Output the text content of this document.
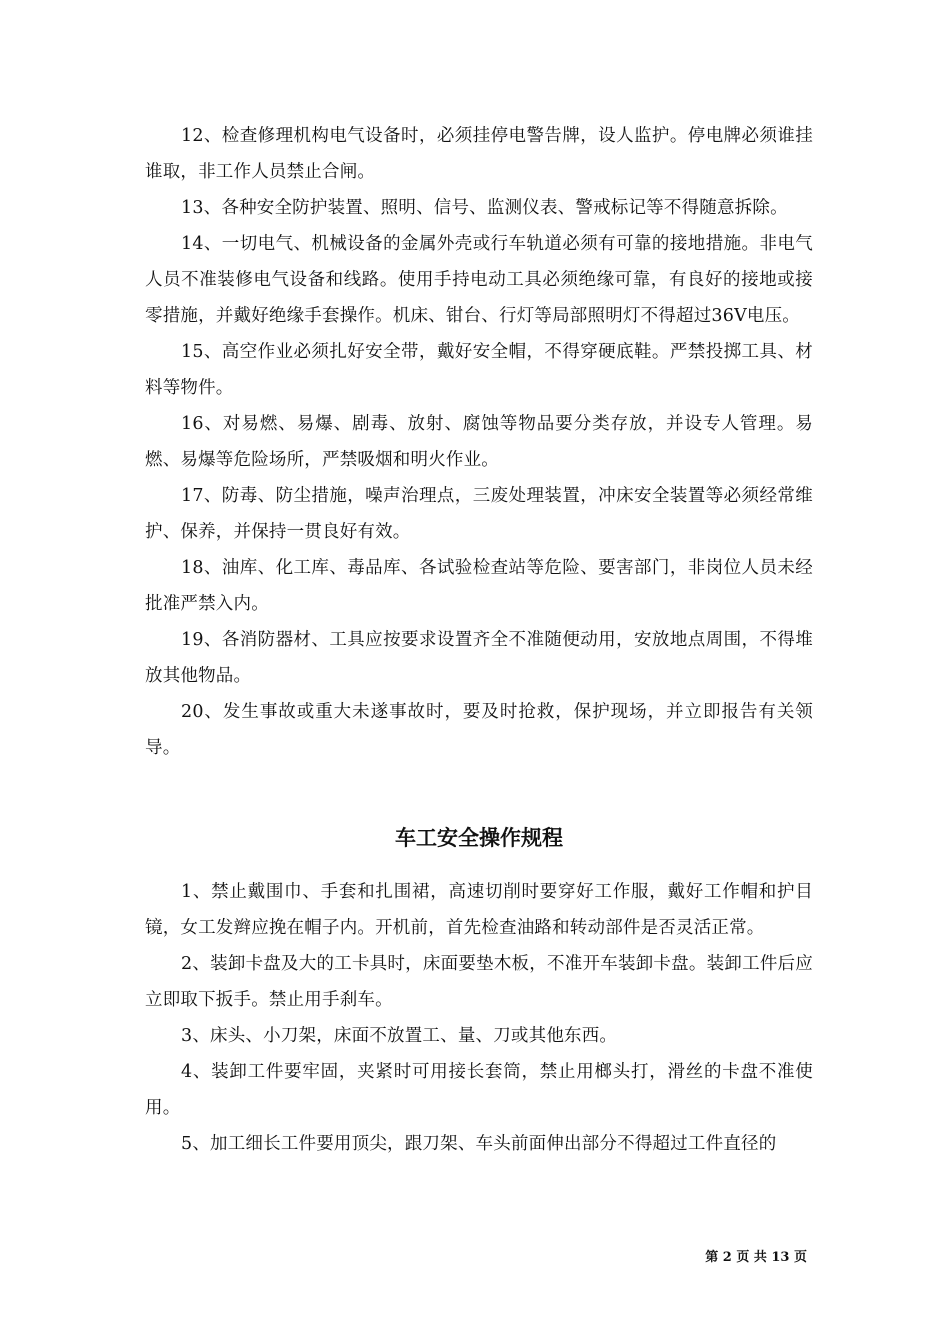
12、检查修理机构电气设备时，必须挂停电警告牌，设人监护。停电牌必须谁挂谁取，非工作人员禁止合闸。

13、各种安全防护装置、照明、信号、监测仪表、警戒标记等不得随意拆除。

14、一切电气、机械设备的金属外壳或行车轨道必须有可靠的接地措施。非电气人员不准装修电气设备和线路。使用手持电动工具必须绝缘可靠，有良好的接地或接零措施，并戴好绝缘手套操作。机床、钳台、行灯等局部照明灯不得超过36V电压。

15、高空作业必须扎好安全带，戴好安全帽，不得穿硬底鞋。严禁投掷工具、材料等物件。

16、对易燃、易爆、剧毒、放射、腐蚀等物品要分类存放，并设专人管理。易燃、易爆等危险场所，严禁吸烟和明火作业。

17、防毒、防尘措施，噪声治理点，三废处理装置，冲床安全装置等必须经常维护、保养，并保持一贯良好有效。

18、油库、化工库、毒品库、各试验检查站等危险、要害部门，非岗位人员未经批准严禁入内。

19、各消防器材、工具应按要求设置齐全不准随便动用，安放地点周围，不得堆放其他物品。

20、发生事故或重大未遂事故时，要及时抢救，保护现场，并立即报告有关领导。

车工安全操作规程

1、禁止戴围巾、手套和扎围裙，高速切削时要穿好工作服，戴好工作帽和护目镜，女工发辫应挽在帽子内。开机前，首先检查油路和转动部件是否灵活正常。

2、装卸卡盘及大的工卡具时，床面要垫木板，不准开车装卸卡盘。装卸工件后应立即取下扳手。禁止用手刹车。

3、床头、小刀架，床面不放置工、量、刀或其他东西。

4、装卸工件要牢固，夹紧时可用接长套筒，禁止用榔头打，滑丝的卡盘不准使用。

5、加工细长工件要用顶尖，跟刀架、车头前面伸出部分不得超过工件直径的

第 2 页 共 13 页
